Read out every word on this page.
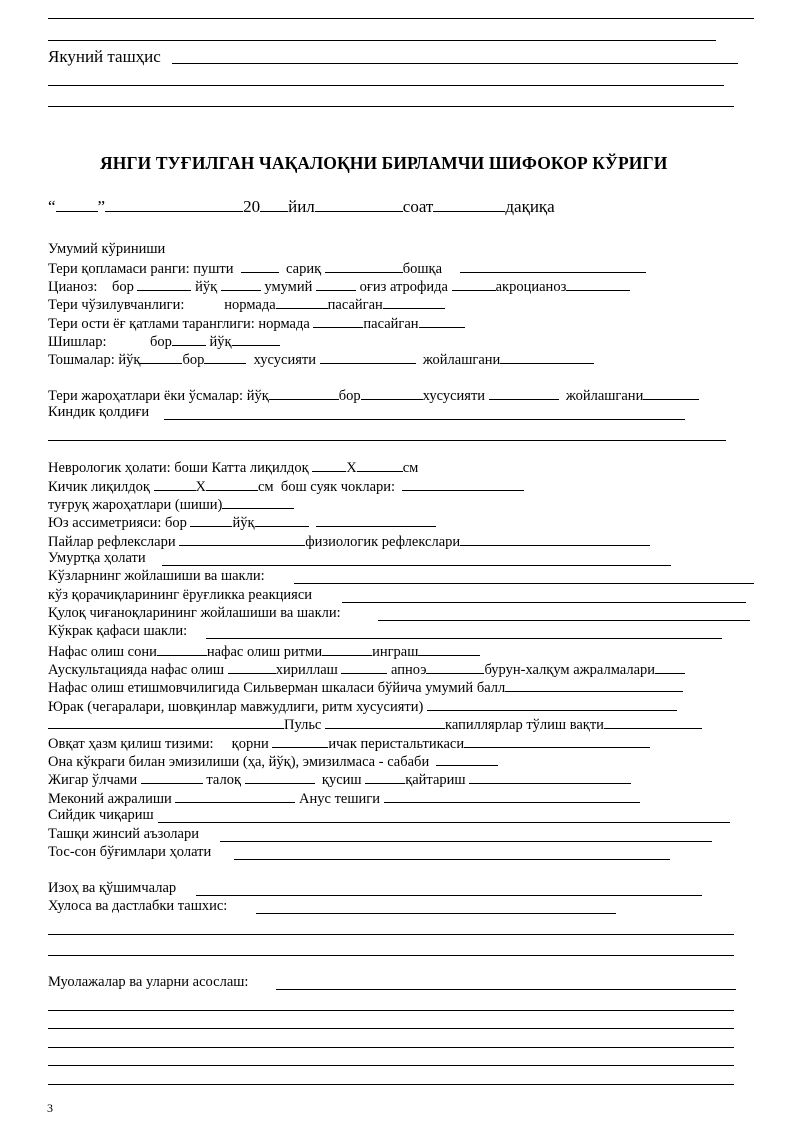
Якуний ташҳис
ЯНГИ ТУҒИЛГАН ЧАҚАЛОҚНИ БИРЛАМЧИ ШИФОКОР КЎРИГИ
“ ”	20 йил	соат	дақиқа
Умумий кўриниши
Тери қопламаси ранги: пушти	сариқ	бошқа
Цианоз: бор	йўқ	умумий	оғиз атрофида	акроцианоз
Тери чўзилувчанлиги:	нормада	пасайган
Тери ости ёғ қатлами таранглиги: нормада	пасайган
Шишлар:	бор	йўқ
Тошмалар: йўқ	бор	хусусияти	жойлашгани
Тери жароҳатлари ёки ўсмалар: йўқ	бор	хусусияти	жойлашгани
Киндик қолдиғи
Неврологик ҳолати: боши Катта лиқилдоқ	Х	см
Кичик лиқилдоқ	Х	см бош суяк чоклари:
туғруқ жароҳатлари (шиши)
Юз ассиметрияси: бор	йўқ
Пайлар рефлекслари	физиологик рефлекслари
Умуртқа ҳолати
Кўзларнинг жойлашиши ва шакли:
кўз қорачиқларининг ёруғликка реакцияси
Қулоқ чиғаноқларининг жойлашиши ва шакли:
Кўкрак қафаси шакли:
Нафас олиш сони	нафас олиш ритми	инграш
Аускультацияда нафас олиш	хириллаш	апноэ	бурун-халқум ажралмалари
Нафас олиш етишмовчилигида Сильверман шкаласи бўйича умумий балл
Юрак (чегаралари, шовқинлар мавжудлиги, ритм хусусияти)
Пульс	капиллярлар тўлиш вақти
Овқат ҳазм қилиш тизими: қорни	ичак перистальтикаси
Она кўкраги билан эмизилиши (ҳа, йўқ), эмизилмаса - сабаби
Жигар ўлчами	талоқ	қусиш	қайтариш
Меконий ажралиши	Анус тешиги
Сийдик чиқариш
Ташқи жинсий аъзолари
Тос-сон бўғимлари ҳолати
Изоҳ ва қўшимчалар
Хулоса ва дастлабки ташхис:
Муолажалар ва уларни асослаш:
3
